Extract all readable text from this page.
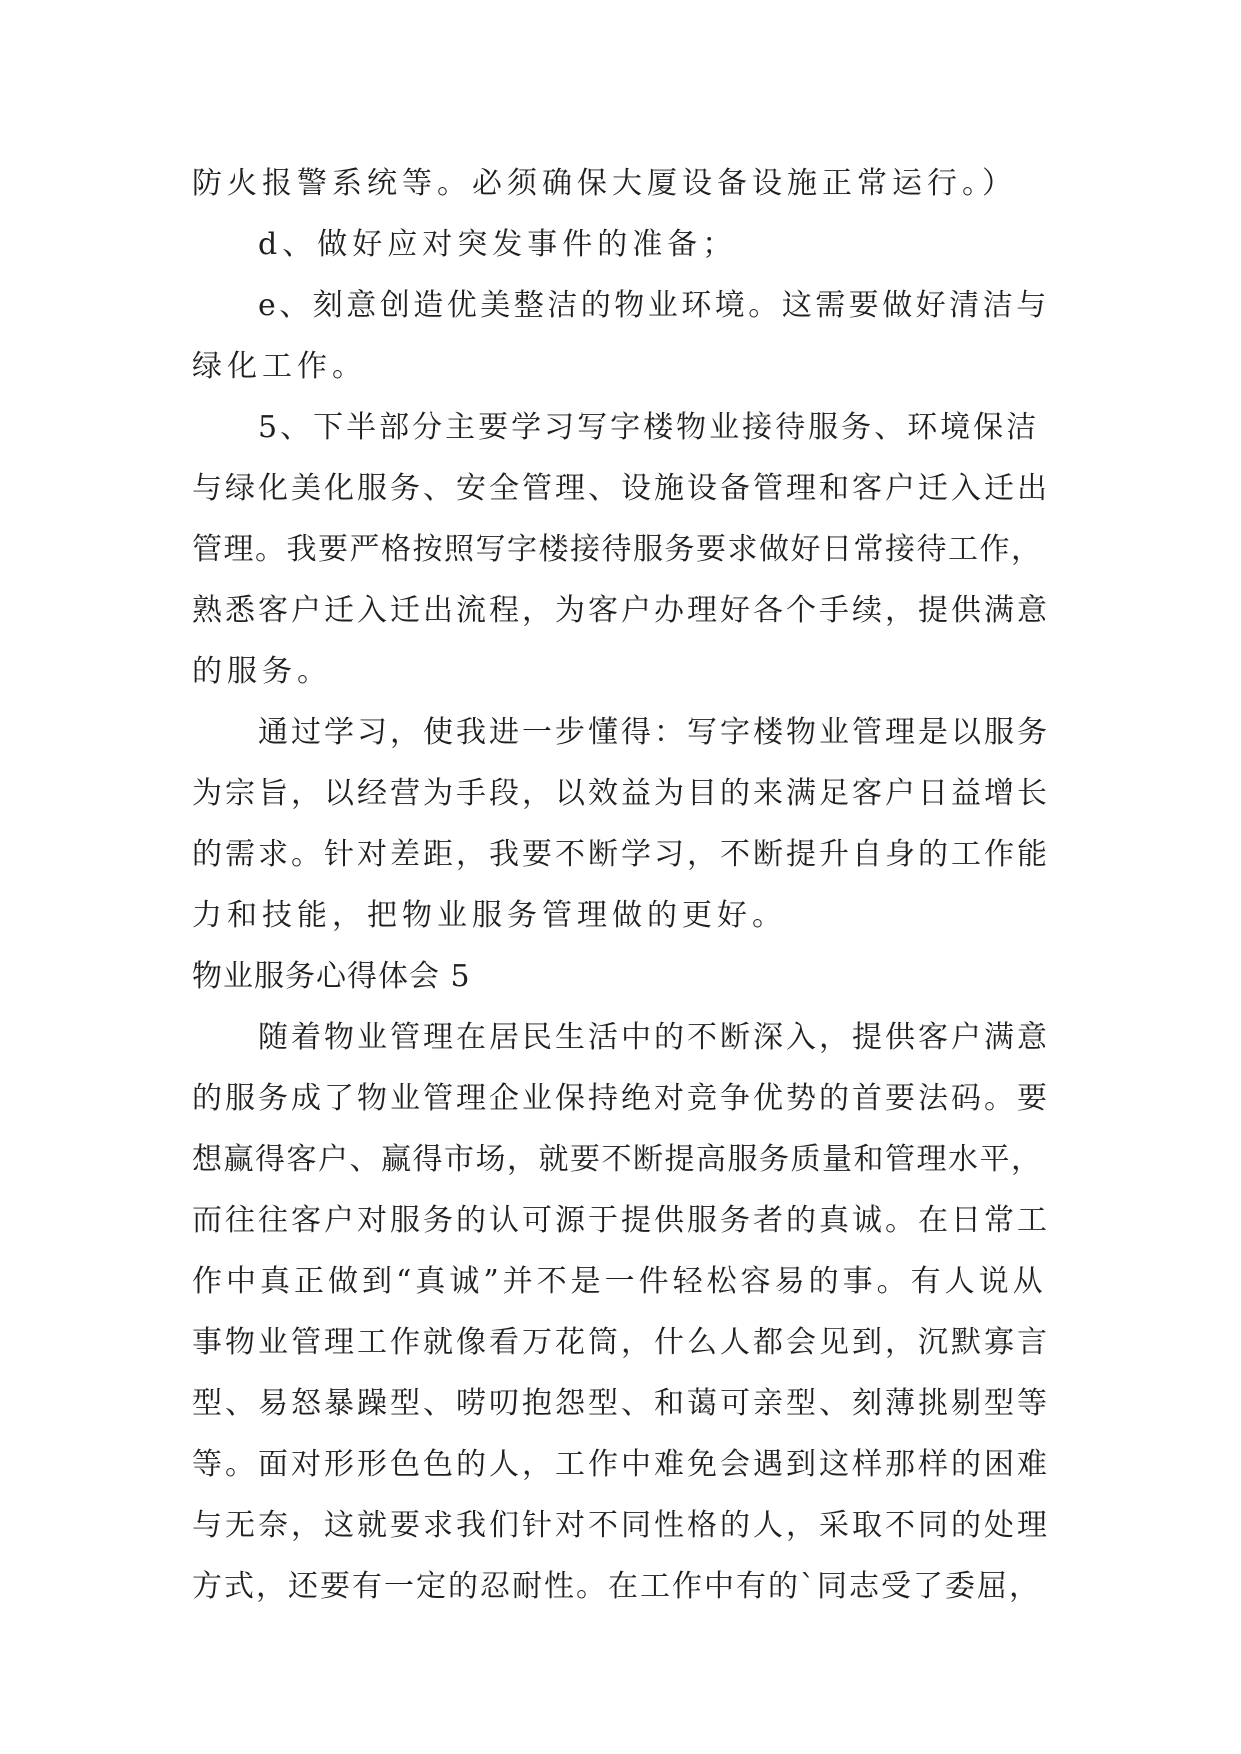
防火报警系统等。必须确保大厦设备设施正常运行。）
d、做好应对突发事件的准备；
e、刻意创造优美整洁的物业环境。这需要做好清洁与
绿化工作。
5、下半部分主要学习写字楼物业接待服务、环境保洁
与绿化美化服务、安全管理、设施设备管理和客户迁入迁出
管理。我要严格按照写字楼接待服务要求做好日常接待工作，
熟悉客户迁入迁出流程，为客户办理好各个手续，提供满意
的服务。
通过学习，使我进一步懂得：写字楼物业管理是以服务
为宗旨，以经营为手段，以效益为目的来满足客户日益增长
的需求。针对差距，我要不断学习，不断提升自身的工作能
力和技能，把物业服务管理做的更好。
物业服务心得体会 5
随着物业管理在居民生活中的不断深入，提供客户满意
的服务成了物业管理企业保持绝对竞争优势的首要法码。要
想赢得客户、赢得市场，就要不断提高服务质量和管理水平，
而往往客户对服务的认可源于提供服务者的真诚。在日常工
作中真正做到“真诚”并不是一件轻松容易的事。有人说从
事物业管理工作就像看万花筒，什么人都会见到，沉默寡言
型、易怒暴躁型、唠叨抱怨型、和蔼可亲型、刻薄挑剔型等
等。面对形形色色的人，工作中难免会遇到这样那样的困难
与无奈，这就要求我们针对不同性格的人，采取不同的处理
方式，还要有一定的忍耐性。在工作中有的`同志受了委屈，
